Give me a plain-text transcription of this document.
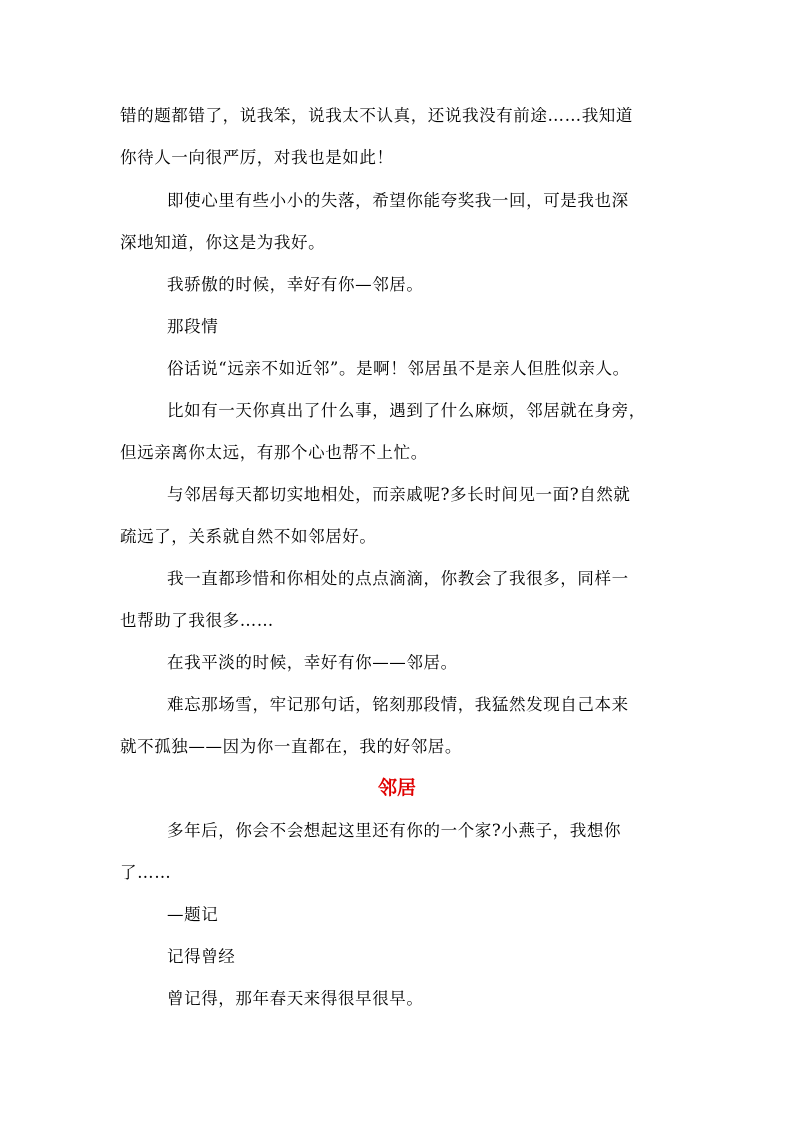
错的题都错了，说我笨，说我太不认真，还说我没有前途……我知道
你待人一向很严厉，对我也是如此！
即使心里有些小小的失落，希望你能夸奖我一回，可是我也深
深地知道，你这是为我好。
我骄傲的时候，幸好有你—邻居。
那段情
俗话说“远亲不如近邻”。是啊！邻居虽不是亲人但胜似亲人。
比如有一天你真出了什么事，遇到了什么麻烦，邻居就在身旁，
但远亲离你太远，有那个心也帮不上忙。
与邻居每天都切实地相处，而亲戚呢?多长时间见一面?自然就
疏远了，关系就自然不如邻居好。
我一直都珍惜和你相处的点点滴滴，你教会了我很多，同样一
也帮助了我很多……
在我平淡的时候，幸好有你——邻居。
难忘那场雪，牢记那句话，铭刻那段情，我猛然发现自己本来
就不孤独——因为你一直都在，我的好邻居。
邻居
多年后，你会不会想起这里还有你的一个家?小燕子，我想你
了……
—题记
记得曾经
曾记得，那年春天来得很早很早。
